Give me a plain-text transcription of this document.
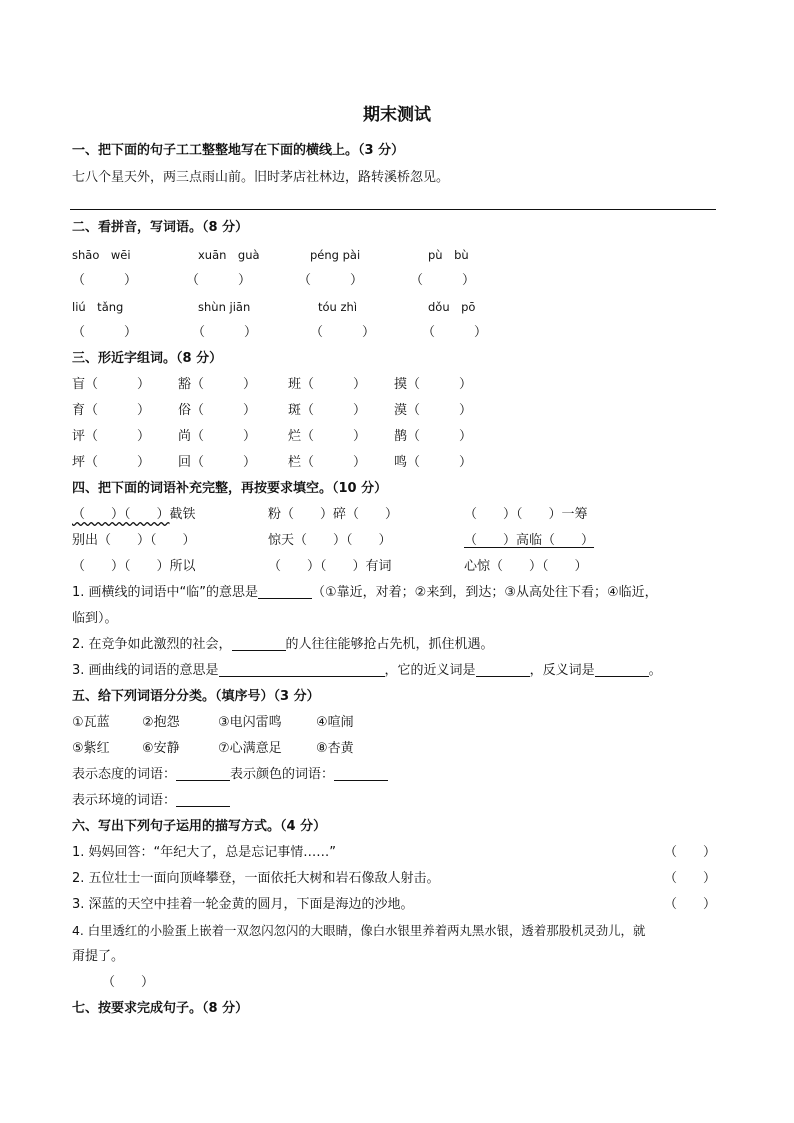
期末测试
一、把下面的句子工工整整地写在下面的横线上。（3 分）
七八个星天外，两三点雨山前。旧时茅店社林边，路转溪桥忽见。
二、看拼音，写词语。（8 分）
shāo　wēi	xuān　guà	péng pài	pù　bù
（　　　）	（　　　）	（　　　）	（　　　）
liú　tǎng	shùn jiān	tóu zhì	dǒu　pō
（　　　）	（　　　）	（　　　）	（　　　）
三、形近字组词。（8 分）
盲（　　　） 豁（　　　） 班（　　　） 摸（　　　）
育（　　　） 俗（　　　） 斑（　　　） 漠（　　　）
评（　　　） 尚（　　　） 烂（　　　） 鹊（　　　）
坪（　　　） 回（　　　） 栏（　　　） 鸣（　　　）
四、把下面的词语补充完整，再按要求填空。（10 分）
（　　）（　　）截铁	粉（　　）碎（　　）	（　　）（　　）一筹
别出（　　）（　　）	惊天（　　）（　　）	（　　）高临（　　）
（　　）（　　）所以	（　　）（　　）有词	心惊（　　）（　　）
1. 画横线的词语中“临”的意思是	（①靠近，对着；②来到，到达；③从高处往下看；④临近，
临到）。
2. 在竞争如此激烈的社会，	的人往往能够抢占先机，抓住机遇。
3. 画曲线的词语的意思是	，它的近义词是	，反义词是	。
五、给下列词语分分类。（填序号）（3 分）
①瓦蓝 ②抱怨	③电闪雷鸣	④喧闹
⑤紫红 ⑥安静	⑦心满意足	⑧杏黄
表示态度的词语：	表示颜色的词语：
表示环境的词语：
六、写出下列句子运用的描写方式。（4 分）
1. 妈妈回答：“年纪大了，总是忘记事情……”	（　　）
2. 五位壮士一面向顶峰攀登，一面依托大树和岩石像敌人射击。	（　　）
3. 深蓝的天空中挂着一轮金黄的圆月，下面是海边的沙地。	（　　）
4. 白里透红的小脸蛋上嵌着一双忽闪忽闪的大眼睛，像白水银里养着两丸黑水银，透着那股机灵劲儿，就
甭提了。
（　　）
七、按要求完成句子。（8 分）
